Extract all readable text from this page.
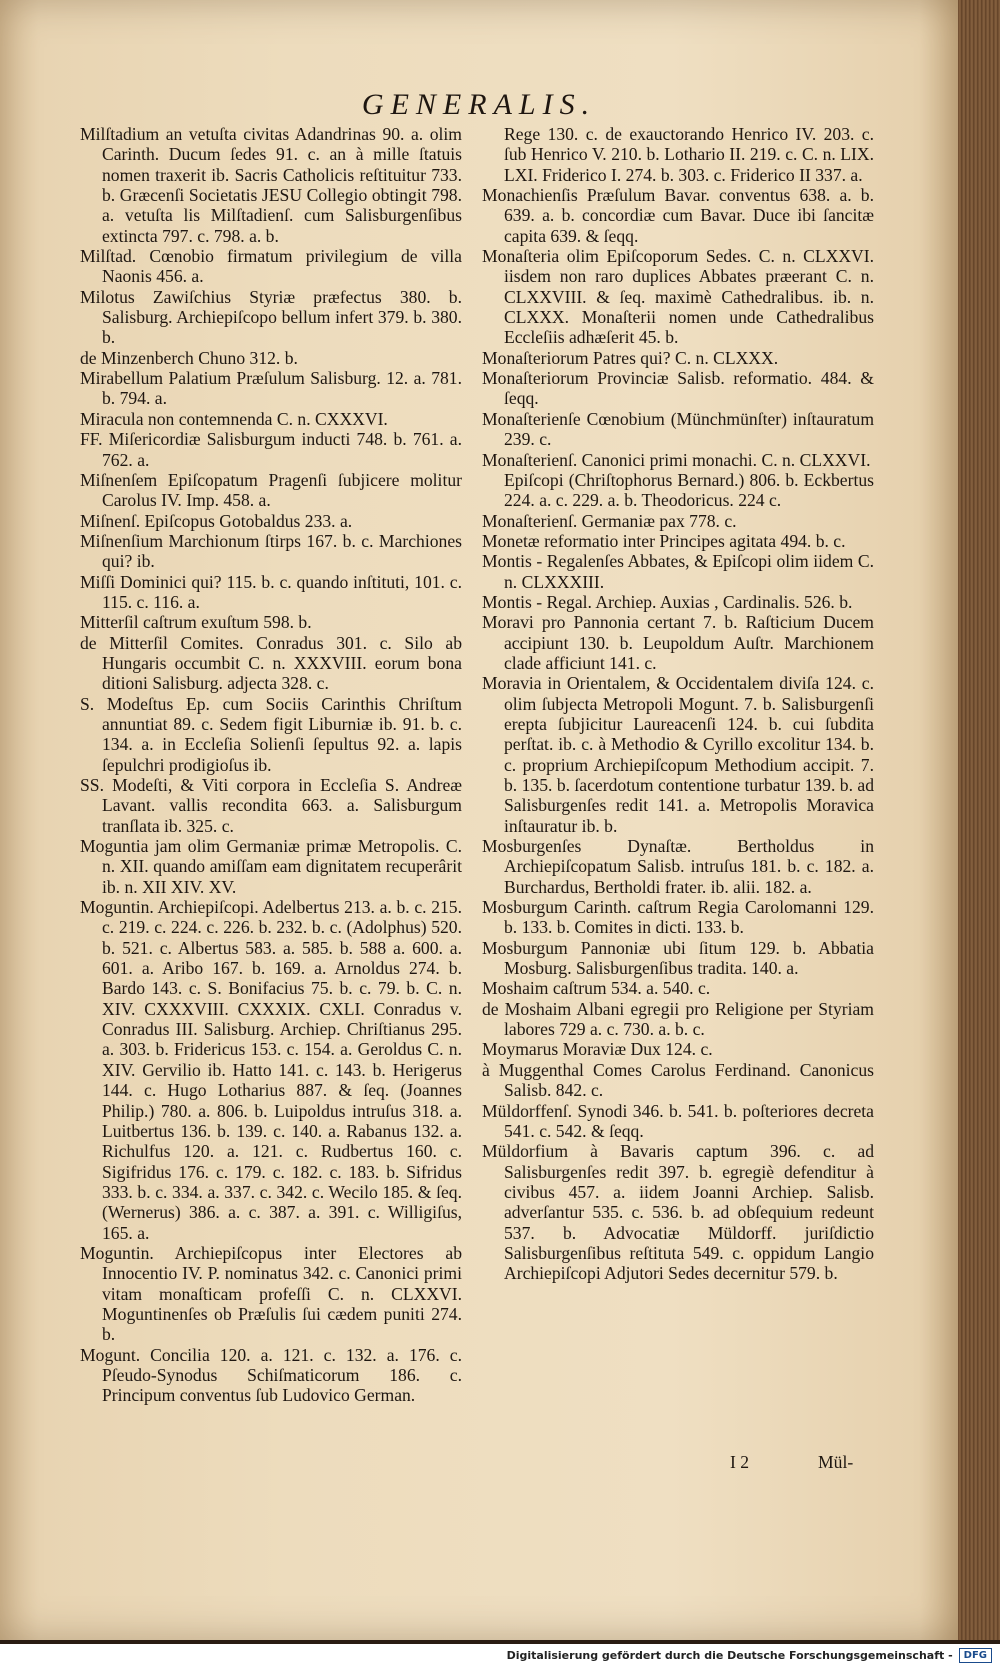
GENERALIS.
Milſtadium an vetuſta civitas Adandrinas 90. a. olim Carinth. Ducum ſedes 91. c. an à mille ſtatuis nomen traxerit ib. Sacris Catholicis reſtituitur 733. b. Græcenſi Societatis JESU Collegio obtingit 798. a. vetuſta lis Milſtadienſ. cum Salisburgenſibus extincta 797. c. 798. a. b.
Milſtad. Cœnobio firmatum privilegium de villa Naonis 456. a.
Milotus Zawiſchius Styriæ præfectus 380. b. Salisburg. Archiepiſcopo bellum infert 379. b. 380. b.
de Minzenberch Chuno 312. b.
Mirabellum Palatium Præſulum Salisburg. 12. a. 781. b. 794. a.
Miracula non contemnenda C. n. CXXXVI.
FF. Miſericordiæ Salisburgum inducti 748. b. 761. a. 762. a.
Miſnenſem Epiſcopatum Pragenſi ſubjicere molitur Carolus IV. Imp. 458. a.
Miſnenſ. Epiſcopus Gotobaldus 233. a.
Miſnenſium Marchionum ſtirps 167. b. c. Marchiones qui? ib.
Miſſi Dominici qui? 115. b. c. quando inſtituti, 101. c. 115. c. 116. a.
Mitterſil caſtrum exuſtum 598. b.
de Mitterſil Comites. Conradus 301. c. Silo ab Hungaris occumbit C. n. XXXVIII. eorum bona ditioni Salisburg. adjecta 328. c.
S. Modeſtus Ep. cum Sociis Carinthis Chriſtum annuntiat 89. c. Sedem figit Liburniæ ib. 91. b. c. 134. a. in Eccleſia Solienſi ſepultus 92. a. lapis ſepulchri prodigioſus ib.
SS. Modeſti, & Viti corpora in Eccleſia S. Andreæ Lavant. vallis recondita 663. a. Salisburgum tranſlata ib. 325. c.
Moguntia jam olim Germaniæ primæ Metropolis. C. n. XII. quando amiſſam eam dignitatem recuperârit ib. n. XII XIV. XV.
Moguntin. Archiepiſcopi. Adelbertus 213. a. b. c. 215. c. 219. c. 224. c. 226. b. 232. b. c. (Adolphus) 520. b. 521. c. Albertus 583. a. 585. b. 588 a. 600. a. 601. a. Aribo 167. b. 169. a. Arnoldus 274. b. Bardo 143. c. S. Bonifacius 75. b. c. 79. b. C. n. XIV. CXXXVIII. CXXXIX. CXLI. Conradus v. Conradus III. Salisburg. Archiep. Chriſtianus 295. a. 303. b. Fridericus 153. c. 154. a. Geroldus C. n. XIV. Gervilio ib. Hatto 141. c. 143. b. Herigerus 144. c. Hugo Lotharius 887. & ſeq. (Joannes Philip.) 780. a. 806. b. Luipoldus intruſus 318. a. Luitbertus 136. b. 139. c. 140. a. Rabanus 132. a. Richulfus 120. a. 121. c. Rudbertus 160. c. Sigifridus 176. c. 179. c. 182. c. 183. b. Sifridus 333. b. c. 334. a. 337. c. 342. c. Wecilo 185. & ſeq. (Wernerus) 386. a. c. 387. a. 391. c. Willigiſus, 165. a.
Moguntin. Archiepiſcopus inter Electores ab Innocentio IV. P. nominatus 342. c. Canonici primi vitam monaſticam profeſſi C. n. CLXXVI. Moguntinenſes ob Præſulis ſui cædem puniti 274. b.
Mogunt. Concilia 120. a. 121. c. 132. a. 176. c. Pſeudo-Synodus Schiſmaticorum 186. c. Principum conventus ſub Ludovico German.
Rege 130. c. de exauctorando Henrico IV. 203. c. ſub Henrico V. 210. b. Lothario II. 219. c. C. n. LIX. LXI. Friderico I. 274. b. 303. c. Friderico II 337. a.
Monachienſis Præſulum Bavar. conventus 638. a. b. 639. a. b. concordiæ cum Bavar. Duce ibi ſancitæ capita 639. & ſeqq.
Monaſteria olim Epiſcoporum Sedes. C. n. CLXXVI. iisdem non raro duplices Abbates præerant C. n. CLXXVIII. & ſeq. maximè Cathedralibus. ib. n. CLXXX. Monaſterii nomen unde Cathedralibus Eccleſiis adhæſerit 45. b.
Monaſteriorum Patres qui? C. n. CLXXX.
Monaſteriorum Provinciæ Salisb. reformatio. 484. & ſeqq.
Monaſterienſe Cœnobium (Münchmünſter) inſtauratum 239. c.
Monaſterienſ. Canonici primi monachi. C. n. CLXXVI.
Epiſcopi (Chriſtophorus Bernard.) 806. b. Eckbertus 224. a. c. 229. a. b. Theodoricus. 224 c.
Monaſterienſ. Germaniæ pax 778. c.
Monetæ reformatio inter Principes agitata 494. b. c.
Montis - Regalenſes Abbates, & Epiſcopi olim iidem C. n. CLXXXIII.
Montis - Regal. Archiep. Auxias , Cardinalis. 526. b.
Moravi pro Pannonia certant 7. b. Raſticium Ducem accipiunt 130. b. Leupoldum Auſtr. Marchionem clade afficiunt 141. c.
Moravia in Orientalem, & Occidentalem diviſa 124. c. olim ſubjecta Metropoli Mogunt. 7. b. Salisburgenſi erepta ſubjicitur Laureacenſi 124. b. cui ſubdita perſtat. ib. c. à Methodio & Cyrillo excolitur 134. b. c. proprium Archiepiſcopum Methodium accipit. 7. b. 135. b. ſacerdotum contentione turbatur 139. b. ad Salisburgenſes redit 141. a. Metropolis Moravica inſtauratur ib. b.
Mosburgenſes Dynaſtæ. Bertholdus in Archiepiſcopatum Salisb. intruſus 181. b. c. 182. a. Burchardus, Bertholdi frater. ib. alii. 182. a.
Mosburgum Carinth. caſtrum Regia Carolomanni 129. b. 133. b. Comites in dicti. 133. b.
Mosburgum Pannoniæ ubi ſitum 129. b. Abbatia Mosburg. Salisburgenſibus tradita. 140. a.
Moshaim caſtrum 534. a. 540. c.
de Moshaim Albani egregii pro Religione per Styriam labores 729 a. c. 730. a. b. c.
Moymarus Moraviæ Dux 124. c.
à Muggenthal Comes Carolus Ferdinand. Canonicus Salisb. 842. c.
Müldorffenſ. Synodi 346. b. 541. b. poſteriores decreta 541. c. 542. & ſeqq.
Müldorfium à Bavaris captum 396. c. ad Salisburgenſes redit 397. b. egregiè defenditur à civibus 457. a. iidem Joanni Archiep. Salisb. adverſantur 535. c. 536. b. ad obſequium redeunt 537. b. Advocatiæ Müldorff. juriſdictio Salisburgenſibus reſtituta 549. c. oppidum Langio Archiepiſcopi Adjutori Sedes decernitur 579. b.
I 2	Mül-
Digitalisierung gefördert durch die Deutsche Forschungsgemeinschaft -	DFG
